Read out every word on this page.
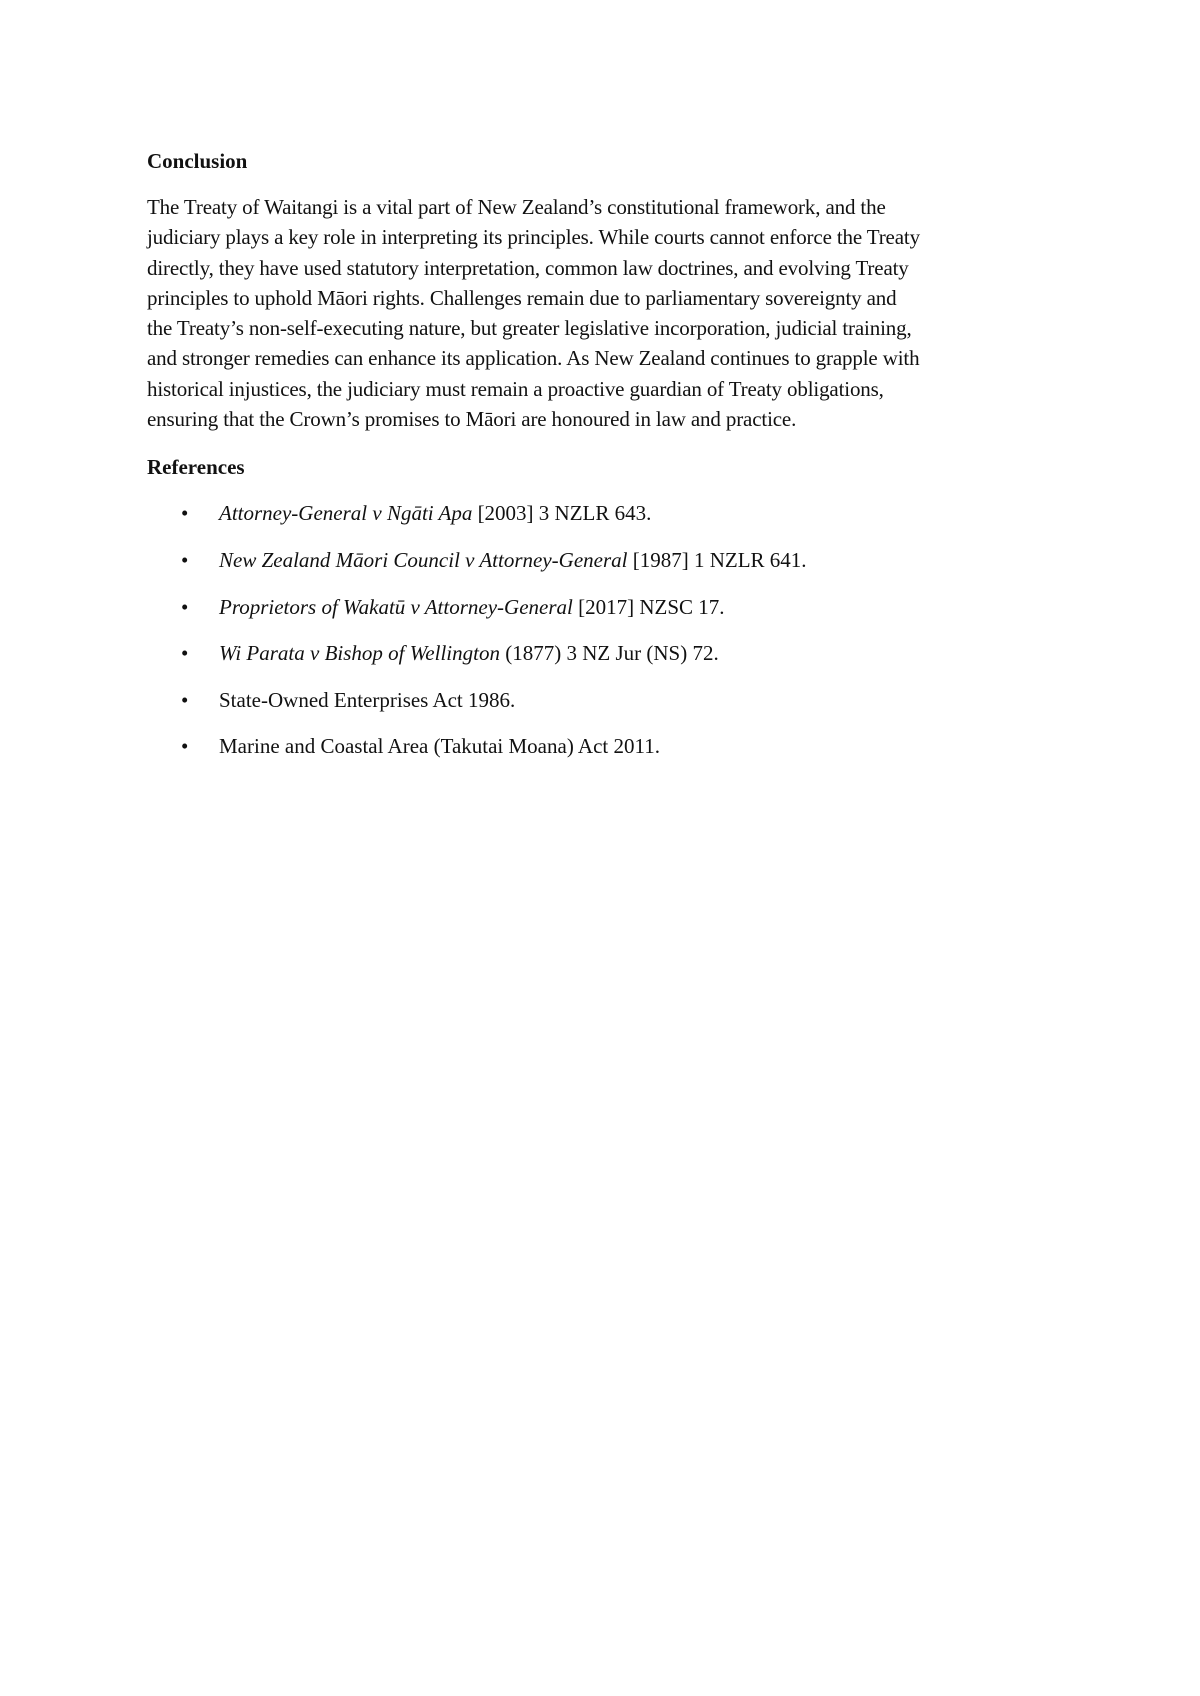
Conclusion

The Treaty of Waitangi is a vital part of New Zealand’s constitutional framework, and the
judiciary plays a key role in interpreting its principles. While courts cannot enforce the Treaty
directly, they have used statutory interpretation, common law doctrines, and evolving Treaty
principles to uphold Māori rights. Challenges remain due to parliamentary sovereignty and
the Treaty’s non-self-executing nature, but greater legislative incorporation, judicial training,
and stronger remedies can enhance its application. As New Zealand continues to grapple with
historical injustices, the judiciary must remain a proactive guardian of Treaty obligations,
ensuring that the Crown’s promises to Māori are honoured in law and practice.

References
• Attorney-General v Ngāti Apa [2003] 3 NZLR 643.
• New Zealand Māori Council v Attorney-General [1987] 1 NZLR 641.
• Proprietors of Wakatū v Attorney-General [2017] NZSC 17.
• Wi Parata v Bishop of Wellington (1877) 3 NZ Jur (NS) 72.
• State-Owned Enterprises Act 1986.
• Marine and Coastal Area (Takutai Moana) Act 2011.
